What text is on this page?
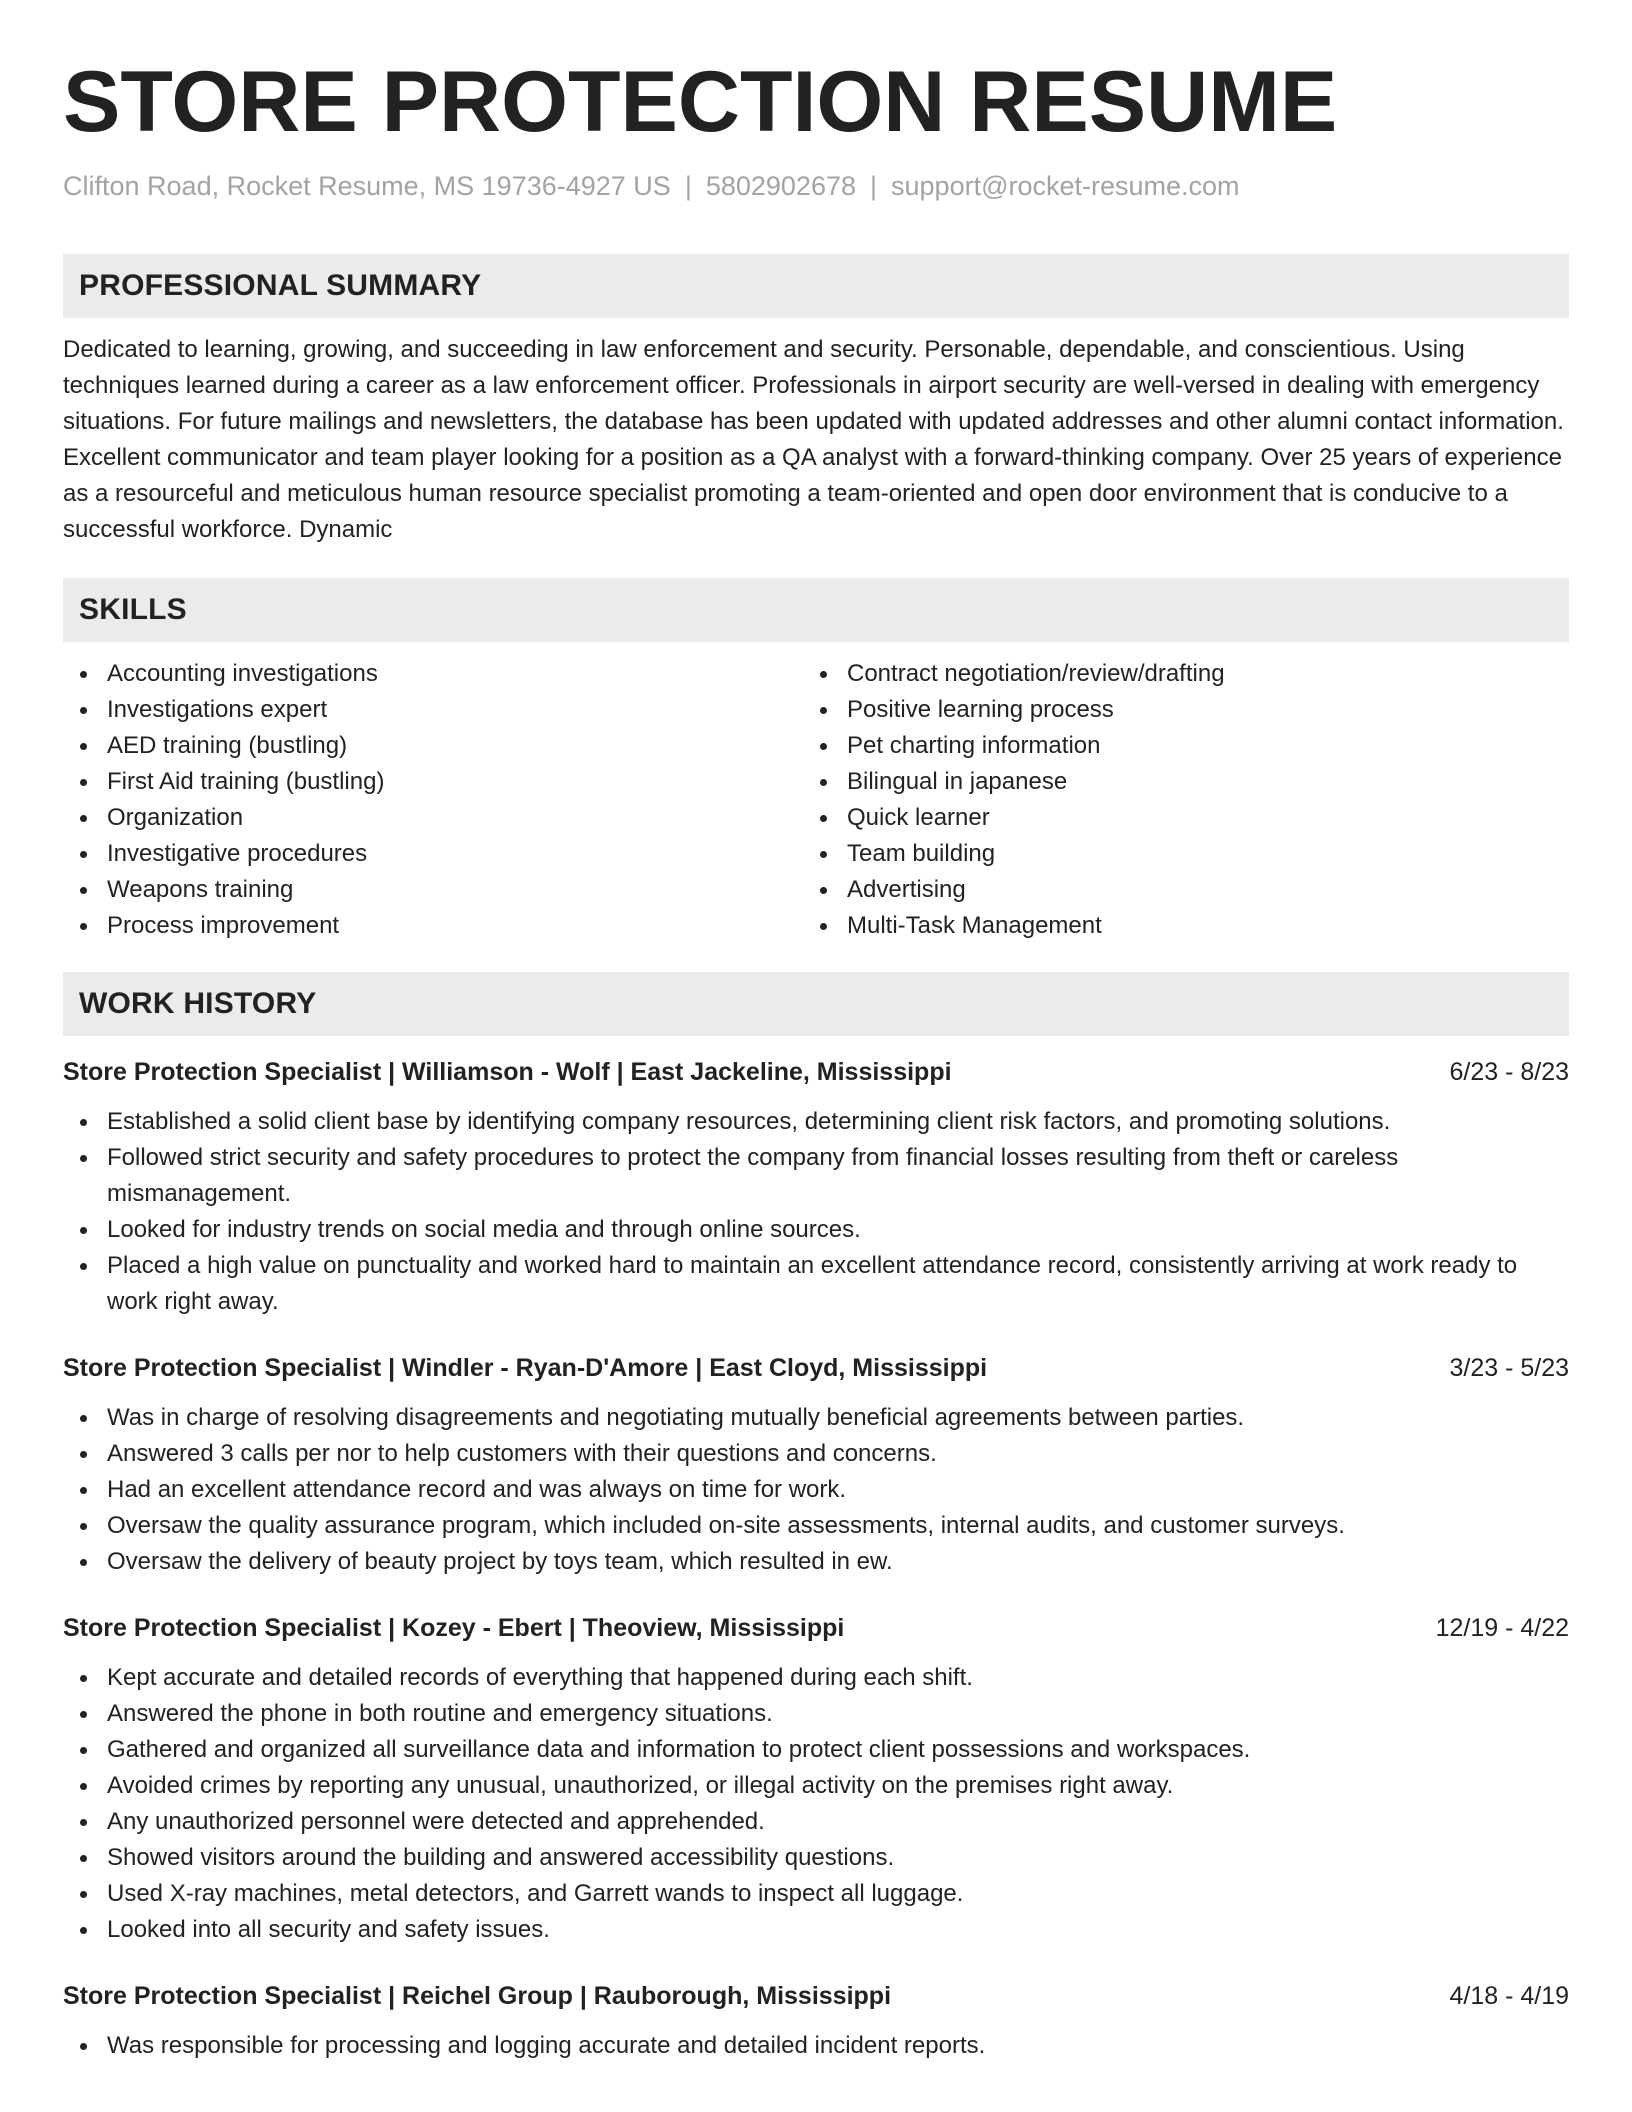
STORE PROTECTION RESUME
Clifton Road, Rocket Resume, MS 19736-4927 US | 5802902678 | support@rocket-resume.com
PROFESSIONAL SUMMARY

Dedicated to learning, growing, and succeeding in law enforcement and security. Personable, dependable, and conscientious. Using techniques learned during a career as a law enforcement officer. Professionals in airport security are well-versed in dealing with emergency situations. For future mailings and newsletters, the database has been updated with updated addresses and other alumni contact information. Excellent communicator and team player looking for a position as a QA analyst with a forward-thinking company. Over 25 years of experience as a resourceful and meticulous human resource specialist promoting a team-oriented and open door environment that is conducive to a successful workforce. Dynamic

SKILLS
Accounting investigations
Investigations expert
AED training (bustling)
First Aid training (bustling)
Organization
Investigative procedures
Weapons training
Process improvement
Contract negotiation/review/drafting
Positive learning process
Pet charting information
Bilingual in japanese
Quick learner
Team building
Advertising
Multi-Task Management
WORK HISTORY
Store Protection Specialist | Williamson - Wolf | East Jackeline, Mississippi	6/23 - 8/23
Established a solid client base by identifying company resources, determining client risk factors, and promoting solutions.
Followed strict security and safety procedures to protect the company from financial losses resulting from theft or careless mismanagement.
Looked for industry trends on social media and through online sources.
Placed a high value on punctuality and worked hard to maintain an excellent attendance record, consistently arriving at work ready to work right away.
Store Protection Specialist | Windler - Ryan-D'Amore | East Cloyd, Mississippi	3/23 - 5/23
Was in charge of resolving disagreements and negotiating mutually beneficial agreements between parties.
Answered 3 calls per nor to help customers with their questions and concerns.
Had an excellent attendance record and was always on time for work.
Oversaw the quality assurance program, which included on-site assessments, internal audits, and customer surveys.
Oversaw the delivery of beauty project by toys team, which resulted in ew.
Store Protection Specialist | Kozey - Ebert | Theoview, Mississippi	12/19 - 4/22
Kept accurate and detailed records of everything that happened during each shift.
Answered the phone in both routine and emergency situations.
Gathered and organized all surveillance data and information to protect client possessions and workspaces.
Avoided crimes by reporting any unusual, unauthorized, or illegal activity on the premises right away.
Any unauthorized personnel were detected and apprehended.
Showed visitors around the building and answered accessibility questions.
Used X-ray machines, metal detectors, and Garrett wands to inspect all luggage.
Looked into all security and safety issues.
Store Protection Specialist | Reichel Group | Rauborough, Mississippi	4/18 - 4/19
Was responsible for processing and logging accurate and detailed incident reports.
